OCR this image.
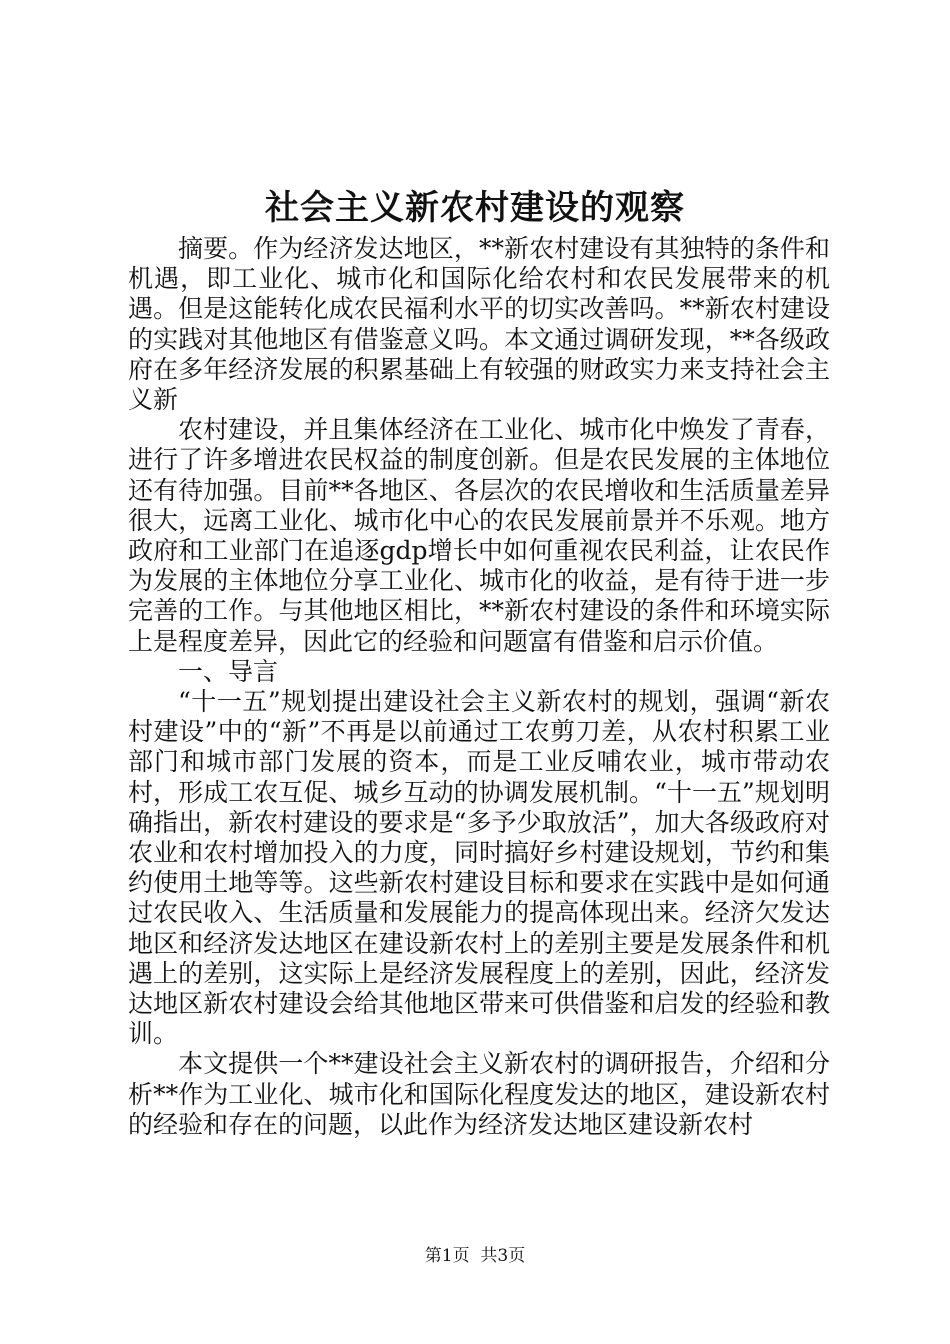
社会主义新农村建设的观察

摘要。作为经济发达地区，**新农村建设有其独特的条件和机遇，即工业化、城市化和国际化给农村和农民发展带来的机遇。但是这能转化成农民福利水平的切实改善吗。**新农村建设的实践对其他地区有借鉴意义吗。本文通过调研发现，**各级政府在多年经济发展的积累基础上有较强的财政实力来支持社会主义新

农村建设，并且集体经济在工业化、城市化中焕发了青春，进行了许多增进农民权益的制度创新。但是农民发展的主体地位还有待加强。目前**各地区、各层次的农民增收和生活质量差异很大，远离工业化、城市化中心的农民发展前景并不乐观。地方政府和工业部门在追逐gdp增长中如何重视农民利益，让农民作为发展的主体地位分享工业化、城市化的收益，是有待于进一步完善的工作。与其他地区相比，**新农村建设的条件和环境实际上是程度差异，因此它的经验和问题富有借鉴和启示价值。

一、导言

“十一五”规划提出建设社会主义新农村的规划，强调“新农村建设”中的“新”不再是以前通过工农剪刀差，从农村积累工业部门和城市部门发展的资本，而是工业反哺农业，城市带动农村，形成工农互促、城乡互动的协调发展机制。“十一五”规划明确指出，新农村建设的要求是“多予少取放活”，加大各级政府对农业和农村增加投入的力度，同时搞好乡村建设规划，节约和集约使用土地等等。这些新农村建设目标和要求在实践中是如何通过农民收入、生活质量和发展能力的提高体现出来。经济欠发达地区和经济发达地区在建设新农村上的差别主要是发展条件和机遇上的差别，这实际上是经济发展程度上的差别，因此，经济发达地区新农村建设会给其他地区带来可供借鉴和启发的经验和教训。

本文提供一个**建设社会主义新农村的调研报告，介绍和分析**作为工业化、城市化和国际化程度发达的地区，建设新农村的经验和存在的问题，以此作为经济发达地区建设新农村

第1页 共3页
